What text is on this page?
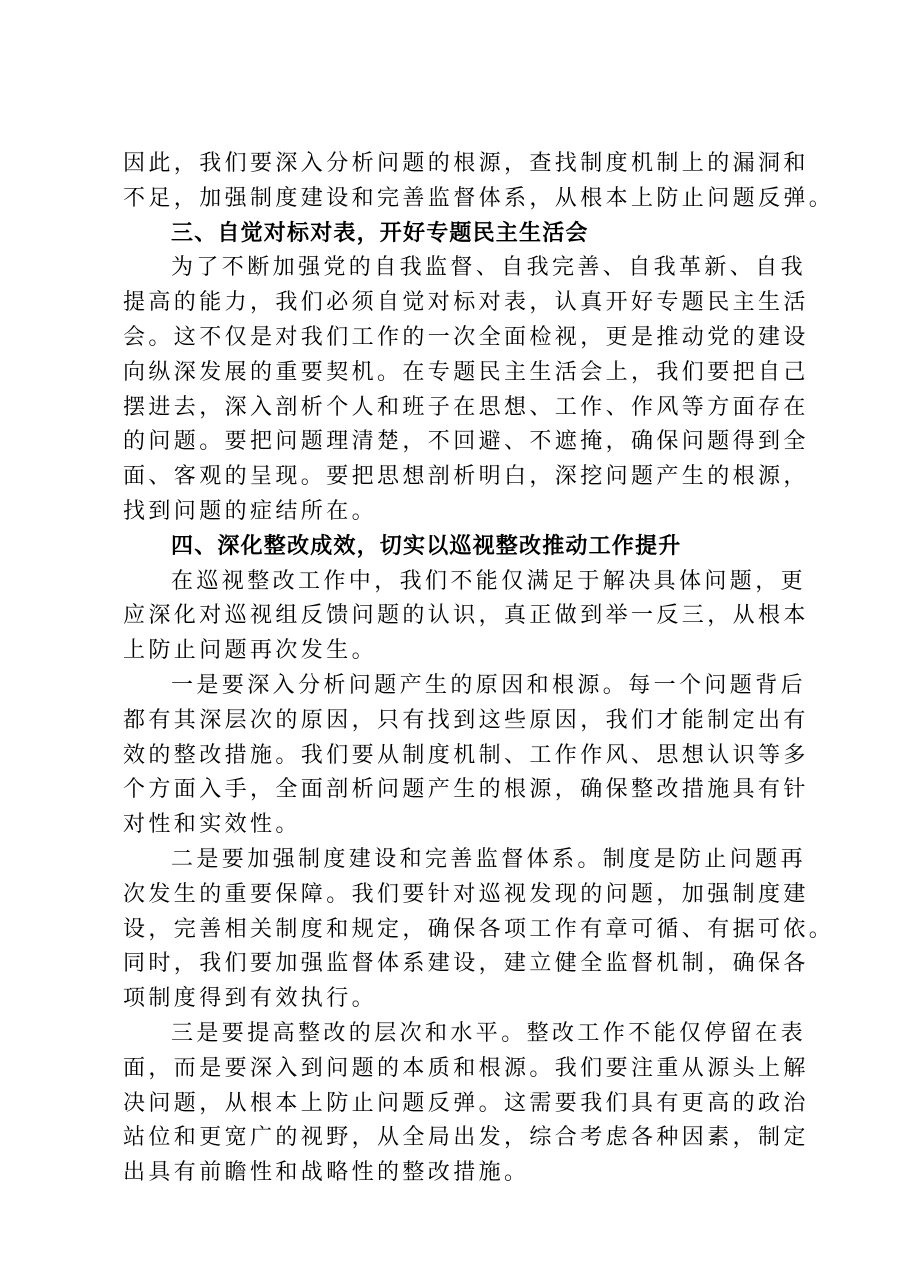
因此，我们要深入分析问题的根源，查找制度机制上的漏洞和
不足，加强制度建设和完善监督体系，从根本上防止问题反弹。
三、自觉对标对表，开好专题民主生活会
为了不断加强党的自我监督、自我完善、自我革新、自我
提高的能力，我们必须自觉对标对表，认真开好专题民主生活
会。这不仅是对我们工作的一次全面检视，更是推动党的建设
向纵深发展的重要契机。在专题民主生活会上，我们要把自己
摆进去，深入剖析个人和班子在思想、工作、作风等方面存在
的问题。要把问题理清楚，不回避、不遮掩，确保问题得到全
面、客观的呈现。要把思想剖析明白，深挖问题产生的根源，
找到问题的症结所在。
四、深化整改成效，切实以巡视整改推动工作提升
在巡视整改工作中，我们不能仅满足于解决具体问题，更
应深化对巡视组反馈问题的认识，真正做到举一反三，从根本
上防止问题再次发生。
一是要深入分析问题产生的原因和根源。每一个问题背后
都有其深层次的原因，只有找到这些原因，我们才能制定出有
效的整改措施。我们要从制度机制、工作作风、思想认识等多
个方面入手，全面剖析问题产生的根源，确保整改措施具有针
对性和实效性。
二是要加强制度建设和完善监督体系。制度是防止问题再
次发生的重要保障。我们要针对巡视发现的问题，加强制度建
设，完善相关制度和规定，确保各项工作有章可循、有据可依。
同时，我们要加强监督体系建设，建立健全监督机制，确保各
项制度得到有效执行。
三是要提高整改的层次和水平。整改工作不能仅停留在表
面，而是要深入到问题的本质和根源。我们要注重从源头上解
决问题，从根本上防止问题反弹。这需要我们具有更高的政治
站位和更宽广的视野，从全局出发，综合考虑各种因素，制定
出具有前瞻性和战略性的整改措施。
